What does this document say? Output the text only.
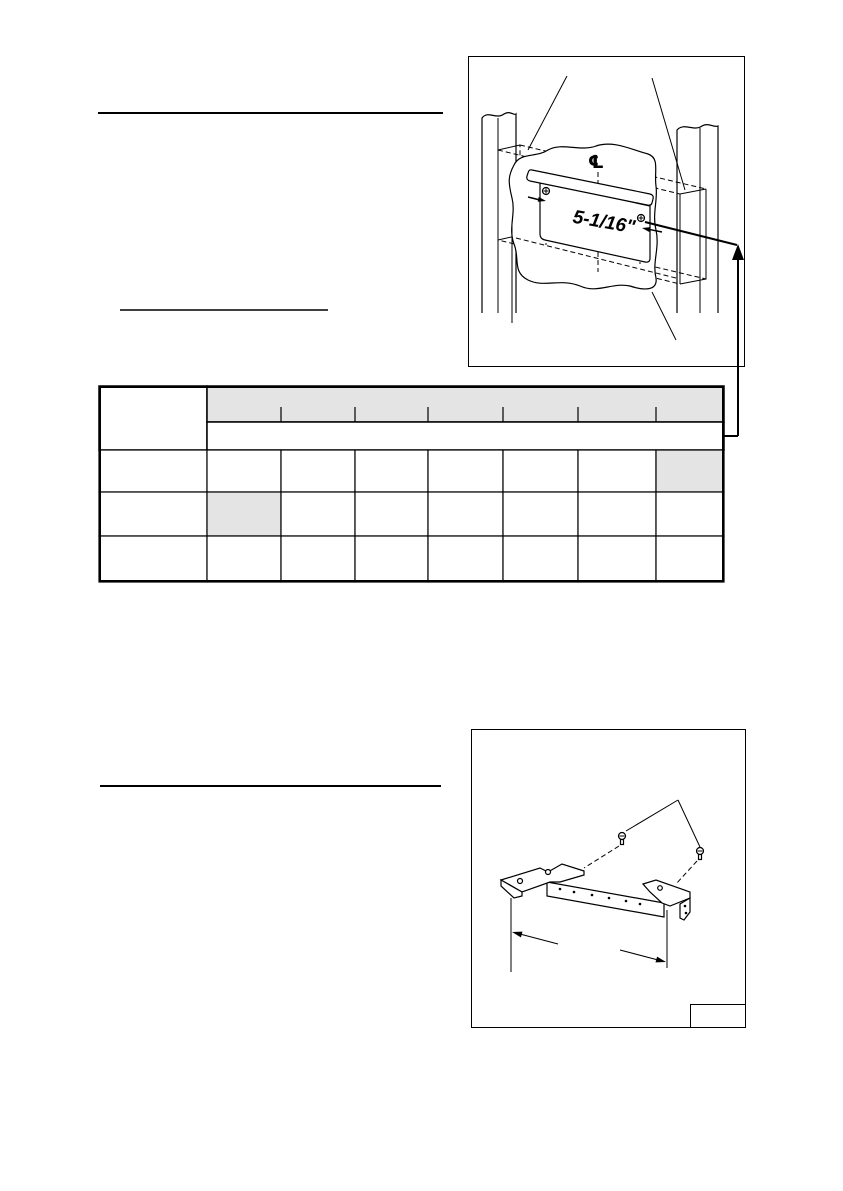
5-1/16"
℄
